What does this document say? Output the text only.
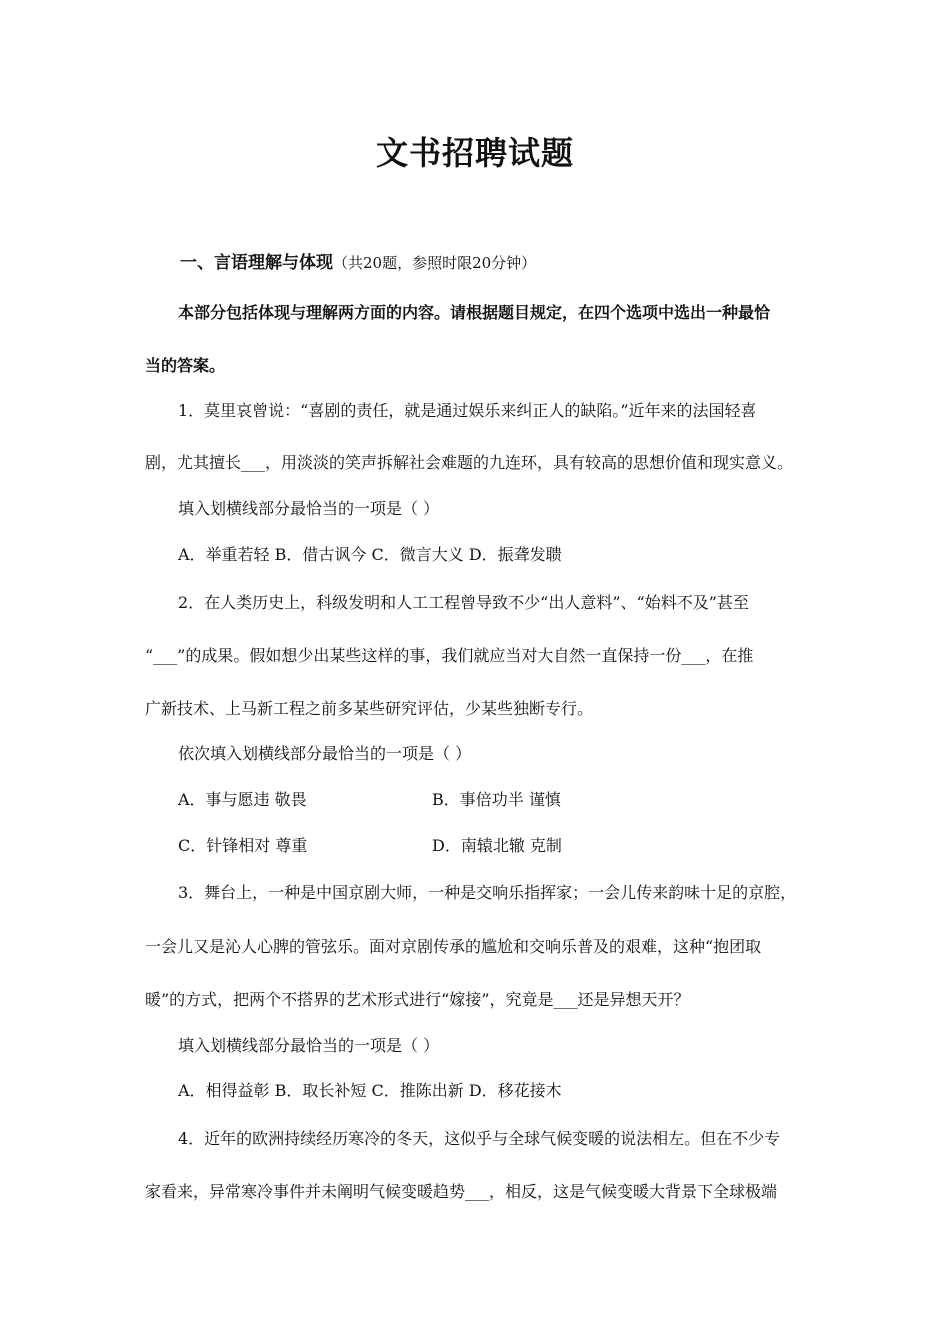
文书招聘试题
一、言语理解与体现（共20题，参照时限20分钟）
本部分包括体现与理解两方面的内容。请根据题目规定，在四个选项中选出一种最恰
当的答案。
1．莫里哀曾说：“喜剧的责任，就是通过娱乐来纠正人的缺陷。”近年来的法国轻喜
剧，尤其擅长___，用淡淡的笑声拆解社会难题的九连环，具有较高的思想价值和现实意义。
填入划横线部分最恰当的一项是（ ）
A．举重若轻 B．借古讽今 C．微言大义 D．振聋发聩
2．在人类历史上，科级发明和人工工程曾导致不少“出人意料”、“始料不及”甚至
“___”的成果。假如想少出某些这样的事，我们就应当对大自然一直保持一份___，在推
广新技术、上马新工程之前多某些研究评估，少某些独断专行。
依次填入划横线部分最恰当的一项是（ ）
A．事与愿违 敬畏	B．事倍功半 谨慎
C．针锋相对 尊重	D．南辕北辙 克制
3．舞台上，一种是中国京剧大师，一种是交响乐指挥家；一会儿传来韵味十足的京腔，
一会儿又是沁人心脾的管弦乐。面对京剧传承的尴尬和交响乐普及的艰难，这种“抱团取
暖”的方式，把两个不搭界的艺术形式进行“嫁接”，究竟是___还是异想天开？
填入划横线部分最恰当的一项是（ ）
A．相得益彰 B．取长补短 C．推陈出新 D．移花接木
4．近年的欧洲持续经历寒冷的冬天，这似乎与全球气候变暖的说法相左。但在不少专
家看来，异常寒冷事件并未阐明气候变暖趋势___，相反，这是气候变暖大背景下全球极端
